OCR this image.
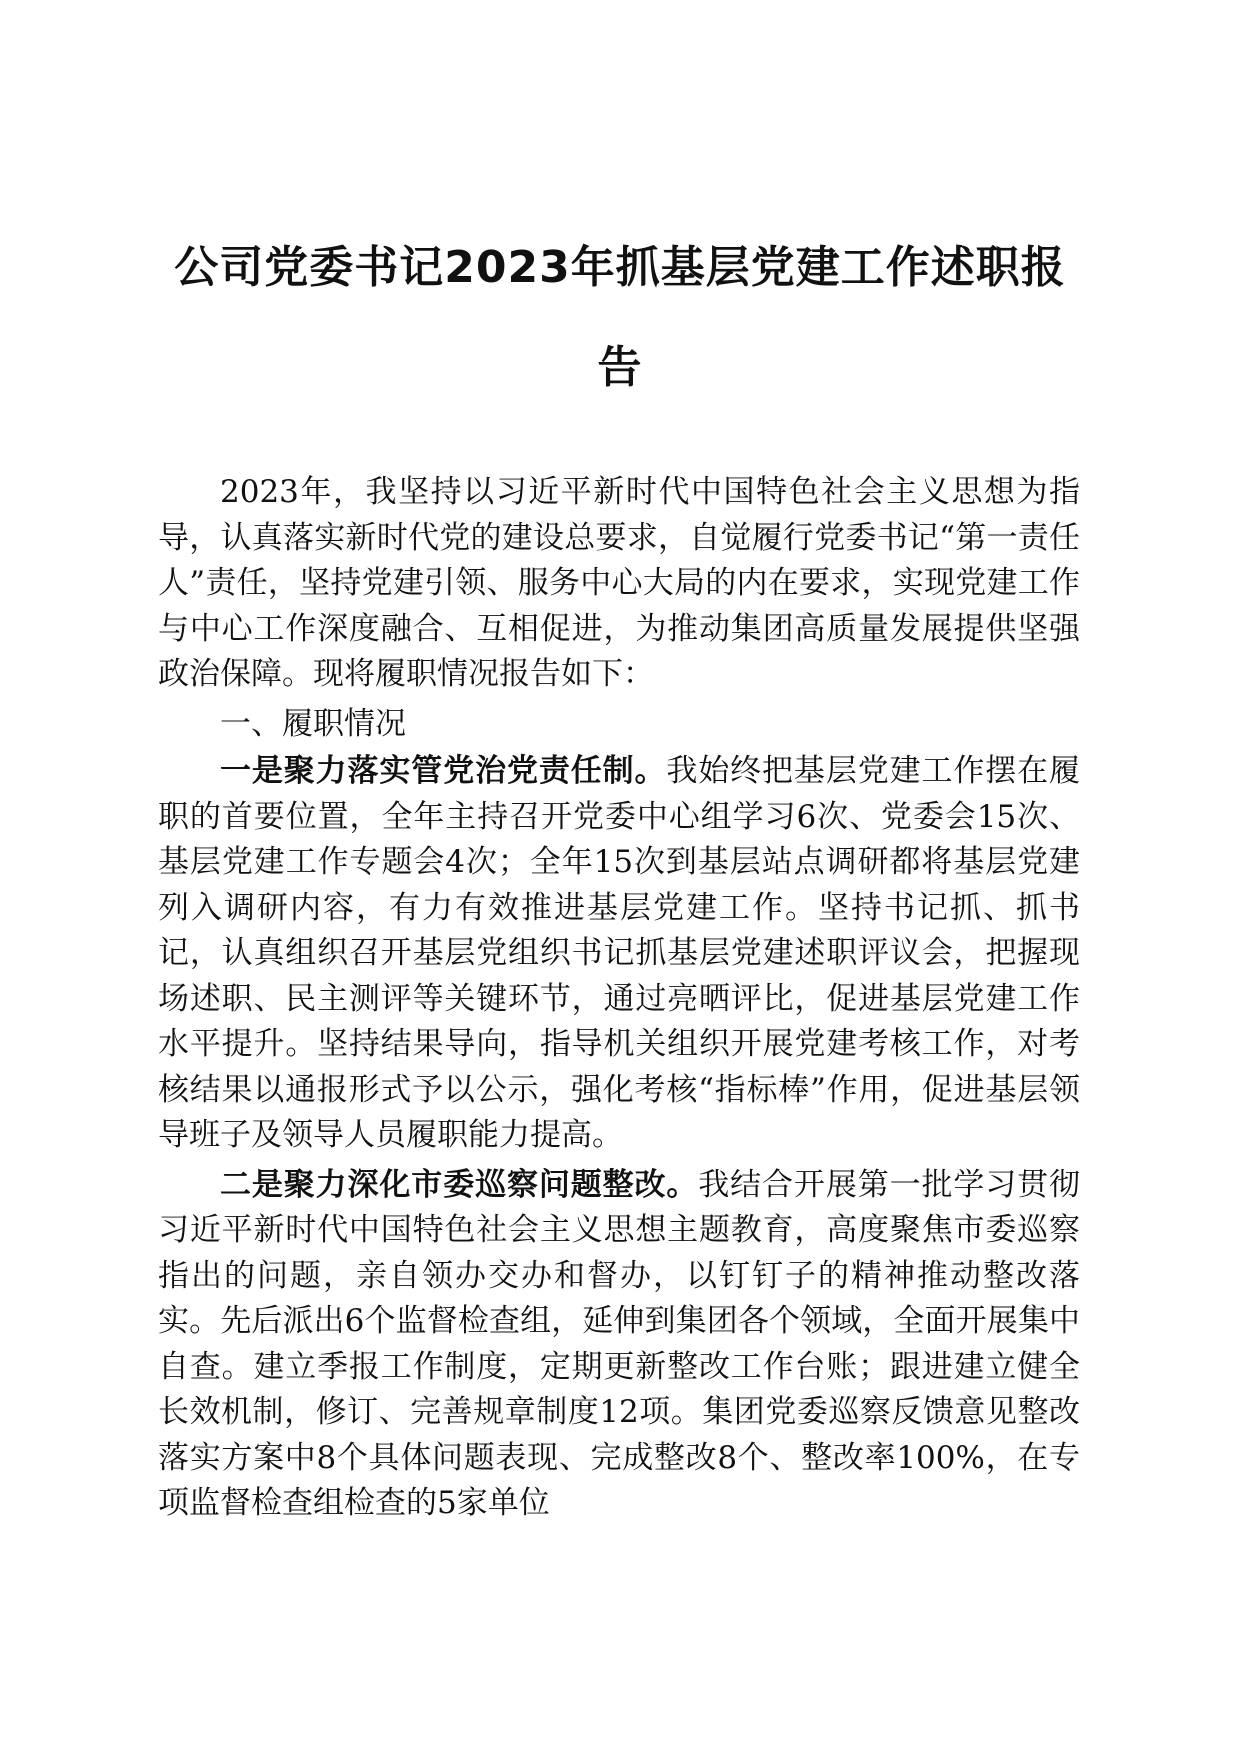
公司党委书记2023年抓基层党建工作述职报告

2023年，我坚持以习近平新时代中国特色社会主义思想为指导，认真落实新时代党的建设总要求，自觉履行党委书记“第一责任人”责任，坚持党建引领、服务中心大局的内在要求，实现党建工作与中心工作深度融合、互相促进，为推动集团高质量发展提供坚强政治保障。现将履职情况报告如下：

一、履职情况

一是聚力落实管党治党责任制。我始终把基层党建工作摆在履职的首要位置，全年主持召开党委中心组学习6次、党委会15次、基层党建工作专题会4次；全年15次到基层站点调研都将基层党建列入调研内容，有力有效推进基层党建工作。坚持书记抓、抓书记，认真组织召开基层党组织书记抓基层党建述职评议会，把握现场述职、民主测评等关键环节，通过亮晒评比，促进基层党建工作水平提升。坚持结果导向，指导机关组织开展党建考核工作，对考核结果以通报形式予以公示，强化考核“指标棒”作用，促进基层领导班子及领导人员履职能力提高。

二是聚力深化市委巡察问题整改。我结合开展第一批学习贯彻习近平新时代中国特色社会主义思想主题教育，高度聚焦市委巡察指出的问题，亲自领办交办和督办，以钉钉子的精神推动整改落实。先后派出6个监督检查组，延伸到集团各个领域，全面开展集中自查。建立季报工作制度，定期更新整改工作台账；跟进建立健全长效机制，修订、完善规章制度12项。集团党委巡察反馈意见整改落实方案中8个具体问题表现、完成整改8个、整改率100%，在专项监督检查组检查的5家单位
